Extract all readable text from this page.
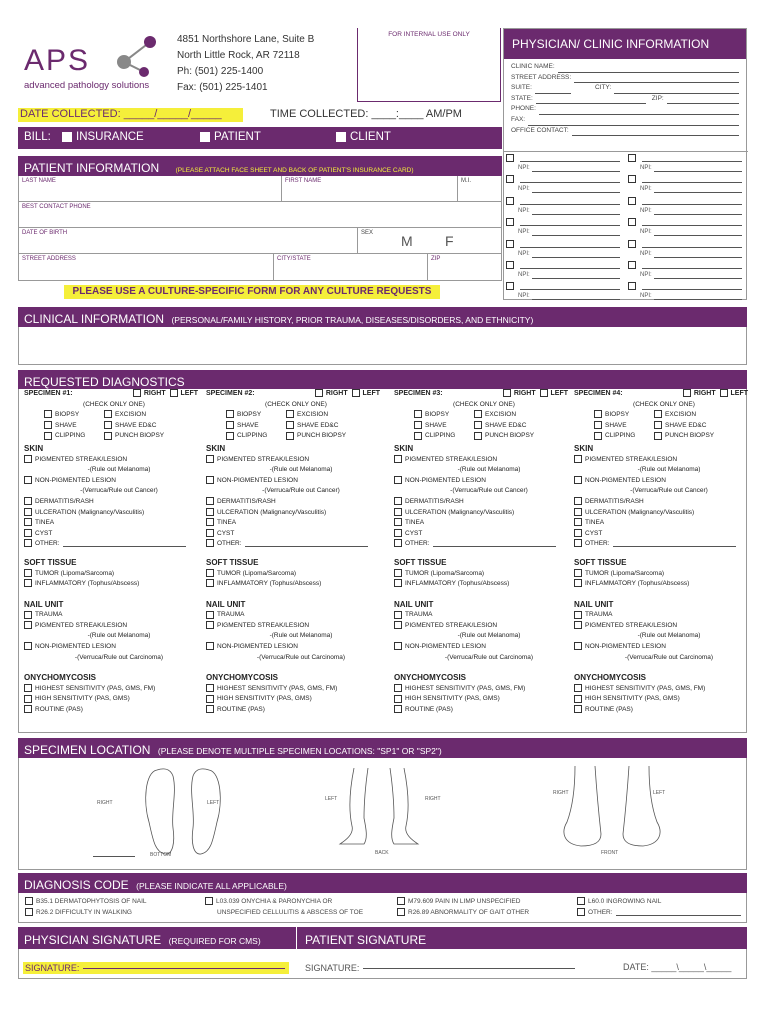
APS
advanced pathology solutions
4851 Northshore Lane, Suite B
North Little Rock, AR 72118
Ph: (501) 225-1400
Fax: (501) 225-1401
FOR INTERNAL USE ONLY
PHYSICIAN/ CLINIC INFORMATION
CLINIC NAME:
STREET ADDRESS:
SUITE:	CITY:
STATE:	ZIP:
PHONE:
FAX:
OFFICE CONTACT:
NPI:	NPI:
NPI:	NPI:
NPI:	NPI:
NPI:	NPI:
NPI:	NPI:
NPI:	NPI:
NPI:	NPI:
DATE COLLECTED: _____/_____/_____	TIME COLLECTED: ____:____ AM/PM
BILL:	INSURANCE	PATIENT	CLIENT
PATIENT INFORMATION	(PLEASE ATTACH FACE SHEET AND BACK OF PATIENT'S INSURANCE CARD)
LAST NAME	FIRST NAME	M.I.
BEST CONTACT PHONE
DATE OF BIRTH	SEX M F
STREET ADDRESS	CITY/STATE	ZIP
PLEASE USE A CULTURE-SPECIFIC FORM FOR ANY CULTURE REQUESTS
CLINICAL INFORMATION (PERSONAL/FAMILY HISTORY, PRIOR TRAUMA, DISEASES/DISORDERS, AND ETHNICITY)
REQUESTED DIAGNOSTICS
SPECIMEN #1:	RIGHT LEFT
(CHECK ONLY ONE)
BIOPSY	EXCISION
SHAVE	SHAVE ED&C
CLIPPING	PUNCH BIOPSY
SKIN
PIGMENTED STREAK/LESION
-(Rule out Melanoma)
NON-PIGMENTED LESION
-(Verruca/Rule out Cancer)
DERMATITIS/RASH
ULCERATION (Malignancy/Vasculitis)
TINEA
CYST
OTHER:
SOFT TISSUE
TUMOR (Lipoma/Sarcoma)
INFLAMMATORY (Tophus/Abscess)
NAIL UNIT
TRAUMA
PIGMENTED STREAK/LESION
-(Rule out Melanoma)
NON-PIGMENTED LESION
-(Verruca/Rule out Carcinoma)
ONYCHOMYCOSIS
HIGHEST SENSITIVITY (PAS, GMS, FM)
HIGH SENSITIVITY (PAS, GMS)
ROUTINE (PAS)
SPECIMEN #2:	RIGHT LEFT
(CHECK ONLY ONE)
BIOPSY	EXCISION
SHAVE	SHAVE ED&C
CLIPPING	PUNCH BIOPSY
SKIN
PIGMENTED STREAK/LESION
-(Rule out Melanoma)
NON-PIGMENTED LESION
-(Verruca/Rule out Cancer)
DERMATITIS/RASH
ULCERATION (Malignancy/Vasculitis)
TINEA
CYST
OTHER:
SOFT TISSUE
TUMOR (Lipoma/Sarcoma)
INFLAMMATORY (Tophus/Abscess)
NAIL UNIT
TRAUMA
PIGMENTED STREAK/LESION
-(Rule out Melanoma)
NON-PIGMENTED LESION
-(Verruca/Rule out Carcinoma)
ONYCHOMYCOSIS
HIGHEST SENSITIVITY (PAS, GMS, FM)
HIGH SENSITIVITY (PAS, GMS)
ROUTINE (PAS)
SPECIMEN #3:	RIGHT LEFT
(CHECK ONLY ONE)
BIOPSY	EXCISION
SHAVE	SHAVE ED&C
CLIPPING	PUNCH BIOPSY
SKIN
PIGMENTED STREAK/LESION
-(Rule out Melanoma)
NON-PIGMENTED LESION
-(Verruca/Rule out Cancer)
DERMATITIS/RASH
ULCERATION (Malignancy/Vasculitis)
TINEA
CYST
OTHER:
SOFT TISSUE
TUMOR (Lipoma/Sarcoma)
INFLAMMATORY (Tophus/Abscess)
NAIL UNIT
TRAUMA
PIGMENTED STREAK/LESION
-(Rule out Melanoma)
NON-PIGMENTED LESION
-(Verruca/Rule out Carcinoma)
ONYCHOMYCOSIS
HIGHEST SENSITIVITY (PAS, GMS, FM)
HIGH SENSITIVITY (PAS, GMS)
ROUTINE (PAS)
SPECIMEN #4:	RIGHT LEFT
(CHECK ONLY ONE)
BIOPSY	EXCISION
SHAVE	SHAVE ED&C
CLIPPING	PUNCH BIOPSY
SKIN
PIGMENTED STREAK/LESION
-(Rule out Melanoma)
NON-PIGMENTED LESION
-(Verruca/Rule out Cancer)
DERMATITIS/RASH
ULCERATION (Malignancy/Vasculitis)
TINEA
CYST
OTHER:
SOFT TISSUE
TUMOR (Lipoma/Sarcoma)
INFLAMMATORY (Tophus/Abscess)
NAIL UNIT
TRAUMA
PIGMENTED STREAK/LESION
-(Rule out Melanoma)
NON-PIGMENTED LESION
-(Verruca/Rule out Carcinoma)
ONYCHOMYCOSIS
HIGHEST SENSITIVITY (PAS, GMS, FM)
HIGH SENSITIVITY (PAS, GMS)
ROUTINE (PAS)
SPECIMEN LOCATION (PLEASE DENOTE MULTIPLE SPECIMEN LOCATIONS: "SP1" OR "SP2")
RIGHT	LEFT
BOTTOM
LEFT	RIGHT
BACK
RIGHT	LEFT
FRONT
DIAGNOSIS CODE (PLEASE INDICATE ALL APPLICABLE)
B35.1 DERMATOPHYTOSIS OF NAIL
R26.2 DIFFICULTY IN WALKING
L03.039 ONYCHIA & PARONYCHIA OR
UNSPECIFIED CELLULITIS & ABSCESS OF TOE
M79.609 PAIN IN LIMP UNSPECIFIED
R26.89 ABNORMALITY OF GAIT OTHER
L60.0 INGROWING NAIL
OTHER:
PHYSICIAN SIGNATURE (REQUIRED FOR CMS)	PATIENT SIGNATURE
SIGNATURE:	SIGNATURE:	DATE: _____\_____\_____
